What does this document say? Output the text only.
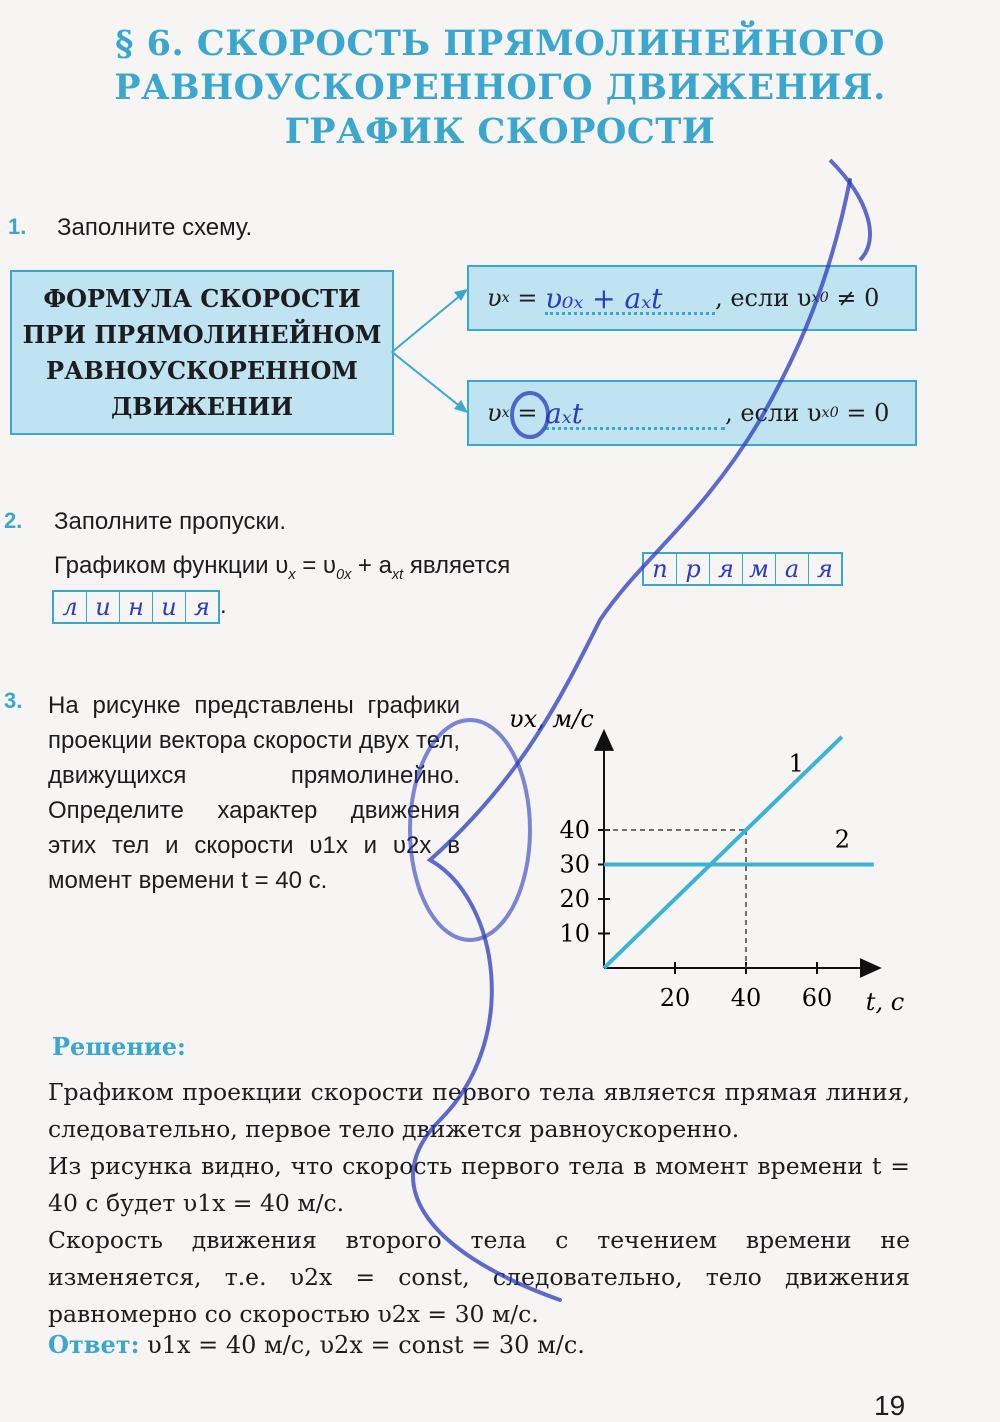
§ 6. СКОРОСТЬ ПРЯМОЛИНЕЙНОГО
РАВНОУСКОРЕННОГО ДВИЖЕНИЯ.
ГРАФИК СКОРОСТИ
1. Заполните схему.
ФОРМУЛА СКОРОСТИ
ПРИ ПРЯМОЛИНЕЙНОМ
РАВНОУСКОРЕННОМ
ДВИЖЕНИИ
υ x = υ₀ₓ + aₓt	, если υ x0 ≠ 0
υ x = aₓt	, если υ x0 = 0
2. Заполните пропуски.
Графиком функции $\upsilon_x = \upsilon_{0x} + a_{xt}$ является	п р я м а я
л и н и я .
3. На рисунке представлены графики проекции вектора скорости двух тел, движущихся прямолинейно. Определите характер движения этих тел и скорости υ1x и υ2x в момент времени t = 40 с.
20 40 60
10
20
30
40
1
2
υx, м/с
t, с
Решение:

Графиком проекции скорости первого тела является прямая линия, следовательно, первое тело движется равноускоренно.

Из рисунка видно, что скорость первого тела в момент времени t = 40 с будет υ1x = 40 м/с.

Скорость движения второго тела с течением времени не изменяется, т.е. υ2x = const, следовательно, тело движения равномерно со скоростью υ2x = 30 м/с.

Ответ: υ1x = 40 м/с, υ2x = const = 30 м/с.
19
